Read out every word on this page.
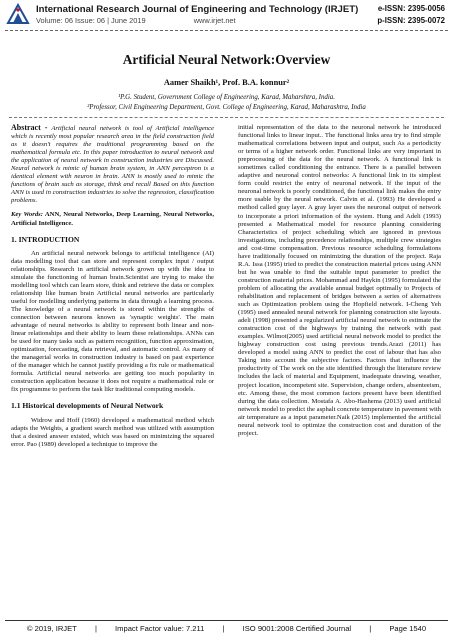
International Research Journal of Engineering and Technology (IRJET)
Volume: 06 Issue: 06 | June 2019	www.irjet.net
e-ISSN: 2395-0056
p-ISSN: 2395-0072
Artificial Neural Network:Overview
Aamer Shaikh¹, Prof. B.A. konnur²
¹P.G. Student, Government College of Engineering, Karad, Maharshtra, India.
²Professor, Civil Engineering Department, Govt. College of Engineering, Karad, Maharashtra, India

Abstract - Artificial neural network is tool of Artificial intelligence which is recently most popular research area in the field construction field as it doesn't requires the traditional programming based on the mathematical formula etc. In this paper introduction to neural network and the application of neural network in construction industries are Discussed. Neural network is mimic of human brain system, in ANN perceptron is a identical element with neuron in brain. ANN is mostly used to mimic the functions of brain such as storage, think and recall Based on this function ANN is used in construction industries to solve the regression, classification problems.

Key Words: ANN, Neural Networks, Deep Learning, Neural Networks, Artificial Intelligence.

1. INTRODUCTION

An artificial neural network belongs to artificial intelligence (AI) data modelling tool that can store and represent complex input / output relationships. Research in artificial network grown up with the idea to simulate the functioning of human brain.Scientist are trying to make the modelling tool which can learn store, think and retrieve the data or complex relationship like human brain Artificial neural networks are particularly useful for modelling underlying patterns in data through a learning process. The knowledge of a neural network is stored within the strengths of connection between neurons known as 'synaptic weights'. The main advantage of neural networks is ability to represent both linear and non-linear relationships and their ability to learn these relationships. ANNs can be used for many tasks such as pattern recognition, function approximation, optimization, forecasting, data retrieval, and automatic control. As many of the managerial works in construction industry is based on past experience of the manager which he cannot justify providing a fix rule or mathematical formula. Artificial neural networks are getting too much popularity in construction application because it does not require a mathematical rule or fix programme to perform the task likr traditional computing models.

1.1 Historical developments of Neural Network

Widrow and Hoff (1960) developed a mathematical method which adapts the Weights, a gradient search method was utilized with assumption that a desired answer existed, which was based on minimizing the squared error. Pao (1989) developed a technique to improve the

initial representation of the data to the neuronal network he introduced functional links to linear input.. The functional links area try to find simple mathematical correlations between input and output, such As a periodicity or terms of a higher network order. Functional links are very important in preprocessing of the data for the neural network. A functional link is sometimes called conditioning the entrance. There is a parallel between adaptive and neuronal control networks: A functional link in its simplest form could restrict the entry of neuronal network. If the input of the neuronal network is poorly conditioned, the functional link makes the entry more usable by the neural network. Calvin et al. (1993) He developed a method called gray layer. A gray layer uses the neuronal output of network to incorporate a priori information of the system. Hung and Adeli (1993) presented a Mathematical model for resource planning considering Characteristics of project scheduling which are ignored in previous investigations, including precedence relationships, multiple crew strategies and cost-time compensation. Previous resource scheduling formulations have traditionally focused on minimizing the duration of the project. Raja R.A. Issa (1995) tried to predict the construction material prices using ANN but he was unable to find the suitable input parameter to predict the construction material prices. Mohammad and Haykin (1995) formulated the problem of allocating the available annual budget optimally to Projects of rehabilitation and replacement of bridges between a series of alternatives such as Optimization problem using the Hopfield network. I-Cheng Yeh (1995) used annealed neural network for planning construction site layouts. adeli (1998) presented a regularized artificial neural network to estimate the construction cost of the highways by training the network with past examples. Wilmot(2005) used artificial neural network model to predict the highway construction cost using previous trends.Arazi (2011) has developed a model using ANN to predict the cost of labour that has also Taking into account the subjective factors. Factors that influence the productivity of The work on the site identified through the literature review includes the lack of material and Equipment, inadequate drawing, weather, project location, incompetent site. Supervision, change orders, absenteeism, etc. Among these, the most common factors present have been identified during the data collection. Mostafa A. Abo-Hashema (2013) used artificial network model to predict the asphalt concrete temperature in pavement with air temperature as a input parameter.Naik (2015) implemented the artificial neural network tool to optimize the construction cost and duration of the project.

© 2019, IRJET | Impact Factor value: 7.211 | ISO 9001:2008 Certified Journal | Page 1540
